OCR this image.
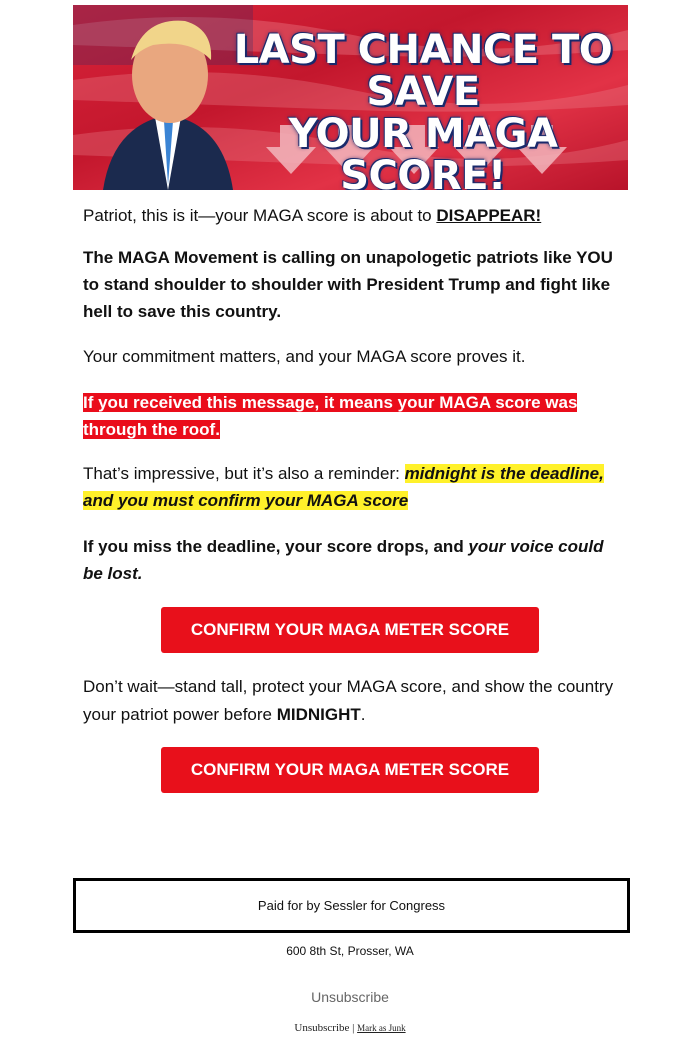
LAST CHANCE TO SAVE
YOUR MAGA SCORE!

Patriot, this is it—your MAGA score is about to DISAPPEAR!

The MAGA Movement is calling on unapologetic patriots like YOU to stand shoulder to shoulder with President Trump and fight like hell to save this country.

Your commitment matters, and your MAGA score proves it.

If you received this message, it means your MAGA score was through the roof.

That’s impressive, but it’s also a reminder: midnight is the deadline, and you must confirm your MAGA score

If you miss the deadline, your score drops, and your voice could be lost.

CONFIRM YOUR MAGA METER SCORE

Don’t wait—stand tall, protect your MAGA score, and show the country your patriot power before MIDNIGHT.

CONFIRM YOUR MAGA METER SCORE
Paid for by Sessler for Congress
600 8th St, Prosser, WA
Unsubscribe
Unsubscribe | Mark as Junk
